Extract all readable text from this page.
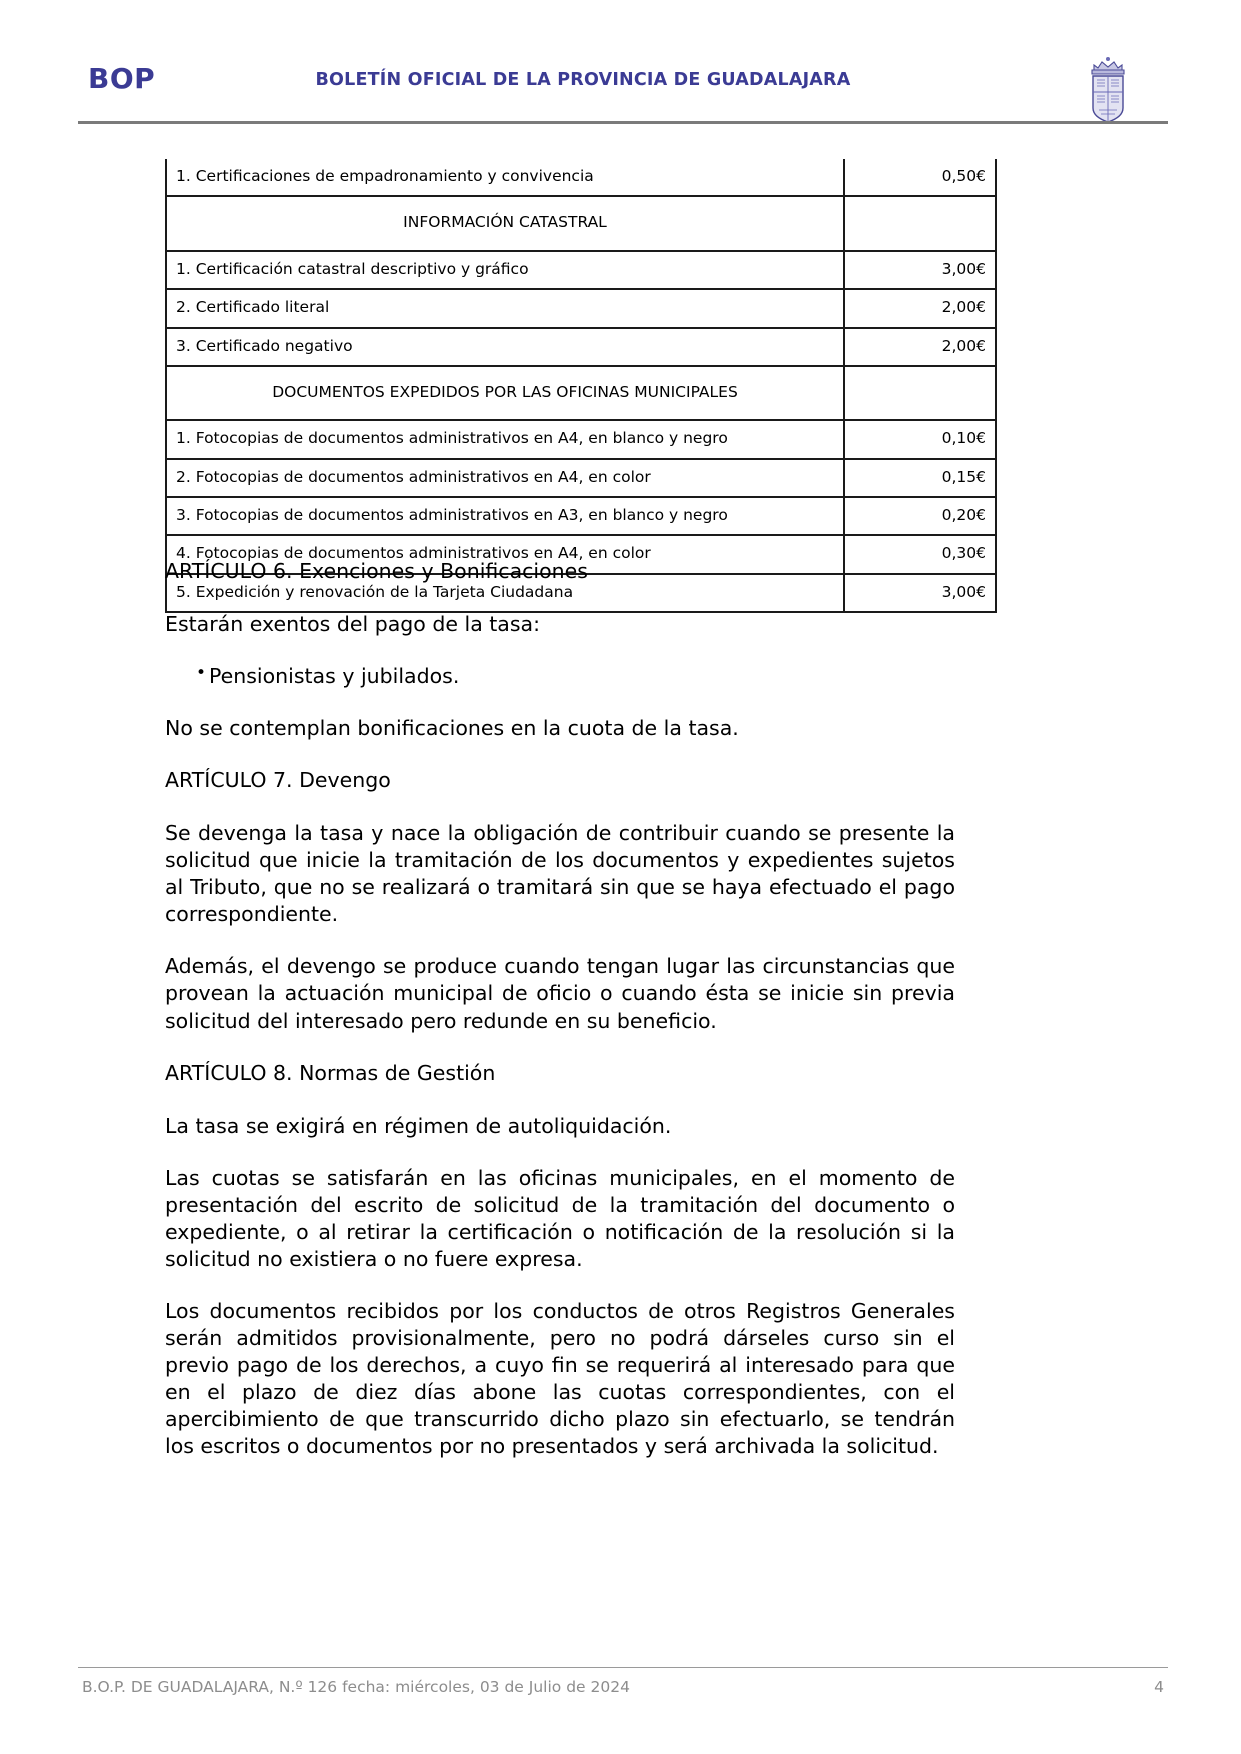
BOP	BOLETÍN OFICIAL DE LA PROVINCIA DE GUADALAJARA
1. Certificaciones de empadronamiento y convivencia	0,50€
INFORMACIÓN CATASTRAL	
1. Certificación catastral descriptivo y gráfico	3,00€
2. Certificado literal	2,00€
3. Certificado negativo	2,00€
DOCUMENTOS EXPEDIDOS POR LAS OFICINAS MUNICIPALES	
1. Fotocopias de documentos administrativos en A4, en blanco y negro	0,10€
2. Fotocopias de documentos administrativos en A4, en color	0,15€
3. Fotocopias de documentos administrativos en A3, en blanco y negro	0,20€
4. Fotocopias de documentos administrativos en A4, en color	0,30€
5. Expedición y renovación de la Tarjeta Ciudadana	3,00€

ARTÍCULO 6. Exenciones y Bonificaciones

Estarán exentos del pago de la tasa:

• Pensionistas y jubilados.

No se contemplan bonificaciones en la cuota de la tasa.

ARTÍCULO 7. Devengo

Se devenga la tasa y nace la obligación de contribuir cuando se presente la solicitud que inicie la tramitación de los documentos y expedientes sujetos al Tributo, que no se realizará o tramitará sin que se haya efectuado el pago correspondiente.

Además, el devengo se produce cuando tengan lugar las circunstancias que provean la actuación municipal de oficio o cuando ésta se inicie sin previa solicitud del interesado pero redunde en su beneficio.

ARTÍCULO 8. Normas de Gestión

La tasa se exigirá en régimen de autoliquidación.

Las cuotas se satisfarán en las oficinas municipales, en el momento de presentación del escrito de solicitud de la tramitación del documento o expediente, o al retirar la certificación o notificación de la resolución si la solicitud no existiera o no fuere expresa.

Los documentos recibidos por los conductos de otros Registros Generales serán admitidos provisionalmente, pero no podrá dárseles curso sin el previo pago de los derechos, a cuyo fin se requerirá al interesado para que en el plazo de diez días abone las cuotas correspondientes, con el apercibimiento de que transcurrido dicho plazo sin efectuarlo, se tendrán los escritos o documentos por no presentados y será archivada la solicitud.

B.O.P. DE GUADALAJARA, N.º 126 fecha: miércoles, 03 de Julio de 2024	4
